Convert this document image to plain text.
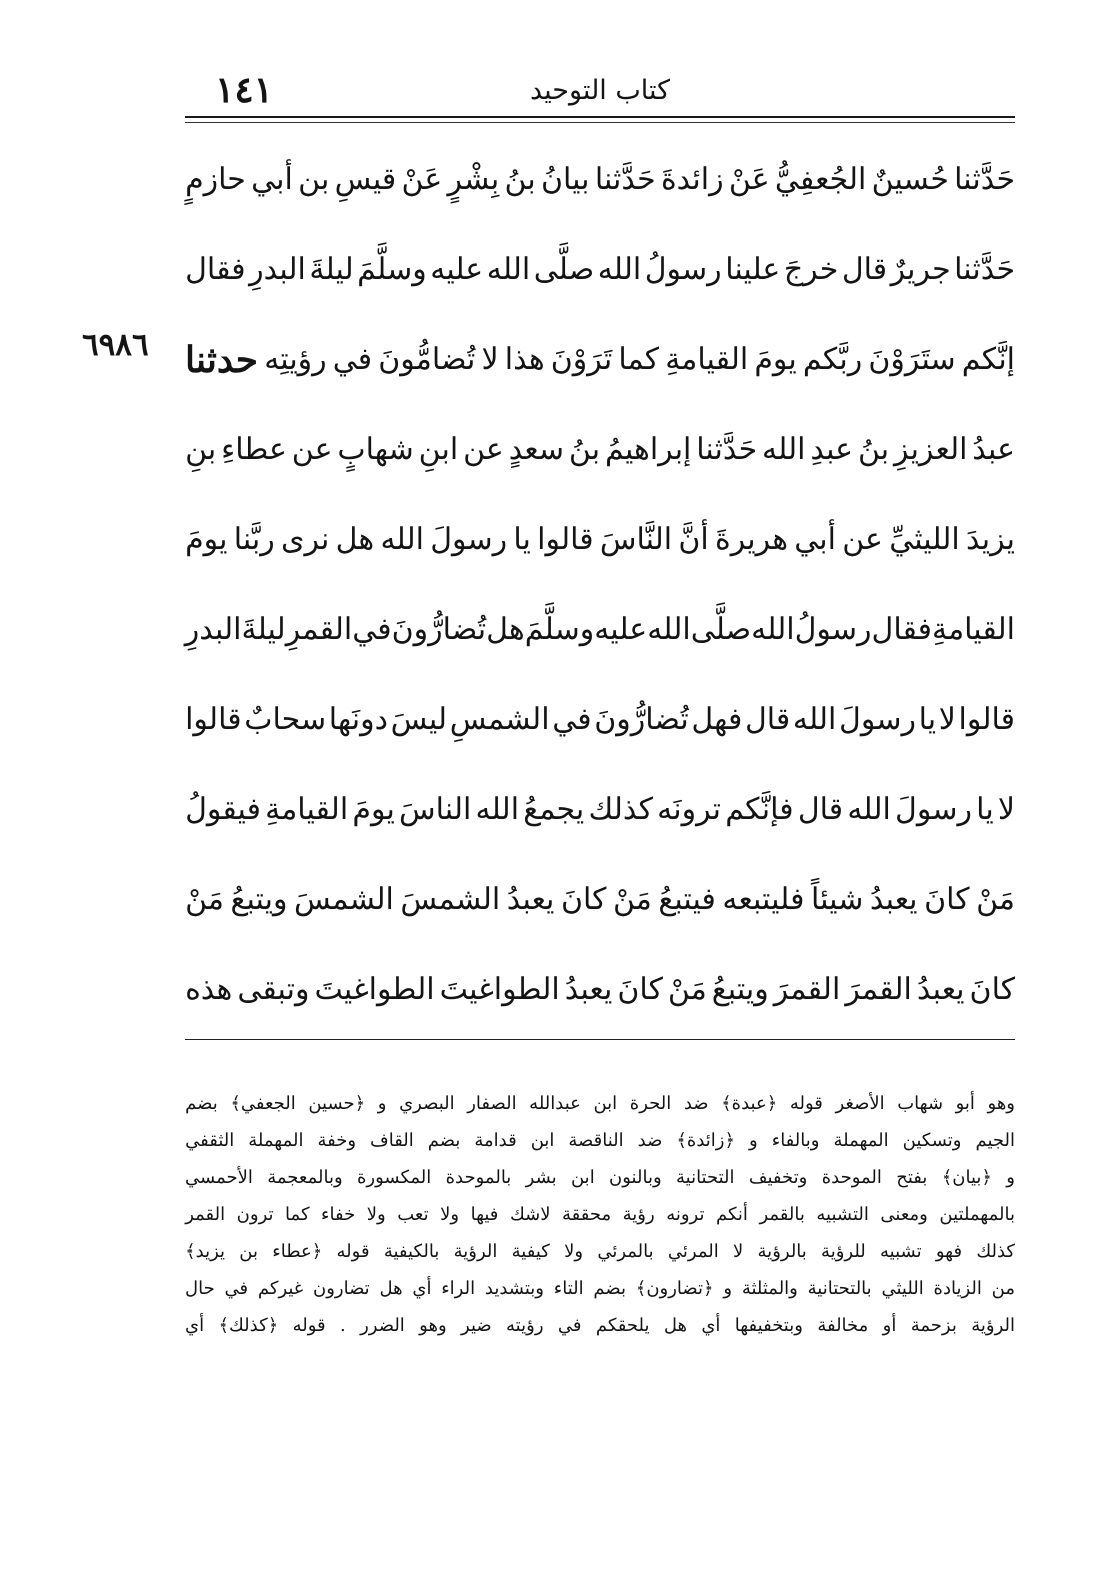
١٤١	كتاب التوحيد
٦٩٨٦
حَدَّثنا
حُسينٌ
الجُعفِيُّ
عَنْ
زائدةَ
حَدَّثنا
بيانُ
بنُ
بِشْرٍ
عَنْ
قيسِ
بن
أبي
حازمٍ
حَدَّثنا
جريرٌ
قال
خرجَ
علينا
رسولُ
الله
صلَّى
الله
عليه
وسلَّمَ
ليلةَ
البدرِ
فقال
إنَّكم
ستَرَوْنَ
ربَّكم
يومَ
القيامةِ
كما
تَرَوْنَ
هذا
لا
تُضامُّونَ
في
رؤيتِه
حدثنا
عبدُ
العزيزِ
بنُ
عبدِ
الله
حَدَّثنا
إبراهيمُ
بنُ
سعدٍ
عن
ابنِ
شهابٍ
عن
عطاءِ
بنِ
يزيدَ
الليثيِّ
عن
أبي
هريرةَ
أنَّ
النَّاسَ
قالوا
يا
رسولَ
الله
هل
نرى
ربَّنا
يومَ
القيامةِ
فقال
رسولُ
الله
صلَّى
الله
عليه
وسلَّمَ
هل
تُضارُّونَ
في
القمرِ
ليلةَ
البدرِ
قالوا
لا
يا
رسولَ
الله
قال
فهل
تُضارُّونَ
في
الشمسِ
ليسَ
دونَها
سحابٌ
قالوا
لا
يا
رسولَ
الله
قال
فإنَّكم
ترونَه
كذلك
يجمعُ
الله
الناسَ
يومَ
القيامةِ
فيقولُ
مَنْ
كانَ
يعبدُ
شيئاً
فليتبعه
فيتبعُ
مَنْ
كانَ
يعبدُ
الشمسَ
الشمسَ
ويتبعُ
مَنْ
كانَ
يعبدُ
القمرَ
القمرَ
ويتبعُ
مَنْ
كانَ
يعبدُ
الطواغيتَ
الطواغيتَ
وتبقى
هذه
وهو
أبو
شهاب
الأصغر
قوله
﴿عبدة﴾
ضد
الحرة
ابن
عبدالله
الصفار
البصري
و
﴿حسين
الجعفي﴾
بضم
الجيم
وتسكين
المهملة
وبالفاء
و
﴿زائدة﴾
ضد
الناقصة
ابن
قدامة
بضم
القاف
وخفة
المهملة
الثقفي
و
﴿بيان﴾
بفتح
الموحدة
وتخفيف
التحتانية
وبالنون
ابن
بشر
بالموحدة
المكسورة
وبالمعجمة
الأحمسي
بالمهملتين
ومعنى
التشبيه
بالقمر
أنكم
ترونه
رؤية
محققة
لاشك
فيها
ولا
تعب
ولا
خفاء
كما
ترون
القمر
كذلك
فهو
تشبيه
للرؤية
بالرؤية
لا
المرئي
بالمرئي
ولا
كيفية
الرؤية
بالكيفية
قوله
﴿عطاء
بن
يزيد﴾
من
الزيادة
الليثي
بالتحتانية
والمثلثة
و
﴿تضارون﴾
بضم
التاء
وبتشديد
الراء
أي
هل
تضارون
غيركم
في
حال
الرؤية
بزحمة
أو
مخالفة
وبتخفيفها
أي
هل
يلحقكم
في
رؤيته
ضير
وهو
الضرر
.
قوله
﴿كذلك﴾
أي
